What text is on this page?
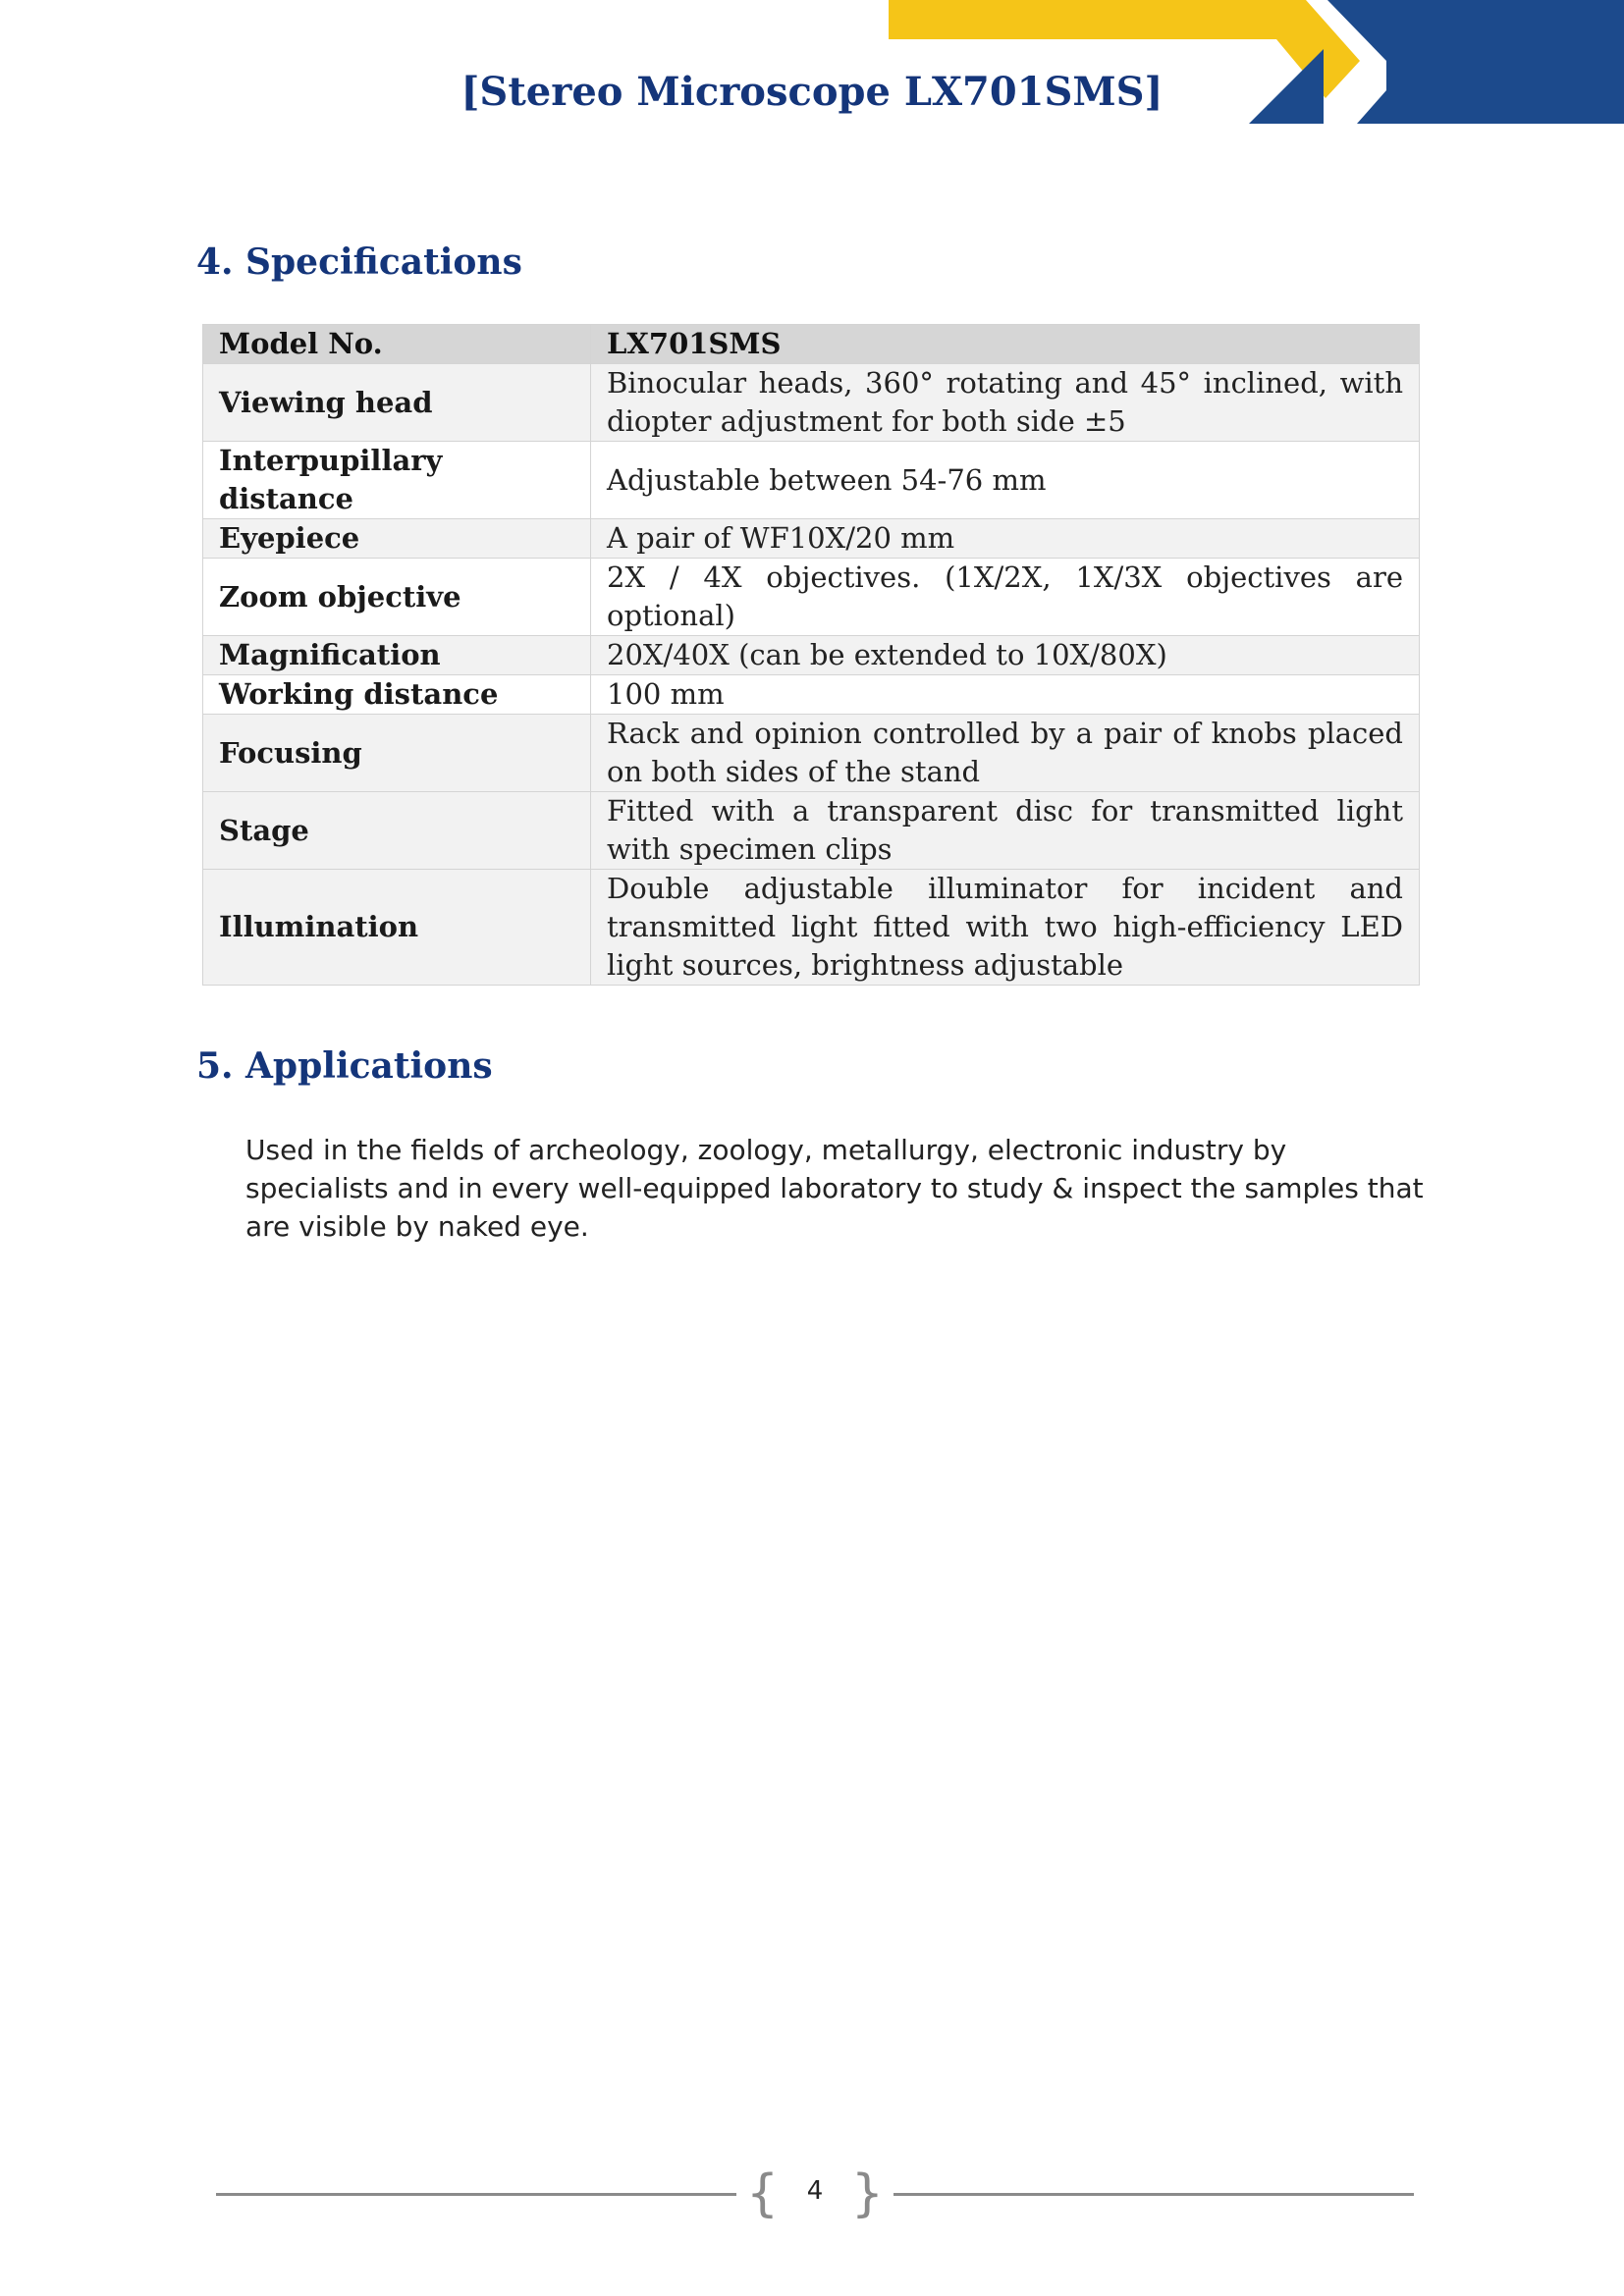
[Stereo Microscope LX701SMS]
4. Specifications
Model No.	LX701SMS
Viewing head	Binocular heads, 360° rotating and 45° inclined, with diopter adjustment for both side ±5
Interpupillary distance	Adjustable between 54-76 mm
Eyepiece	A pair of WF10X/20 mm
Zoom objective	2X / 4X objectives. (1X/2X, 1X/3X objectives are optional)
Magnification	20X/40X (can be extended to 10X/80X)
Working distance	100 mm
Focusing	Rack and opinion controlled by a pair of knobs placed on both sides of the stand
Stage	Fitted with a transparent disc for transmitted light with specimen clips
Illumination	Double adjustable illuminator for incident and transmitted light fitted with two high-efficiency LED light sources, brightness adjustable
5. Applications

Used in the fields of archeology, zoology, metallurgy, electronic industry by specialists and in every well-equipped laboratory to study & inspect the samples that are visible by naked eye.

{	4 }
